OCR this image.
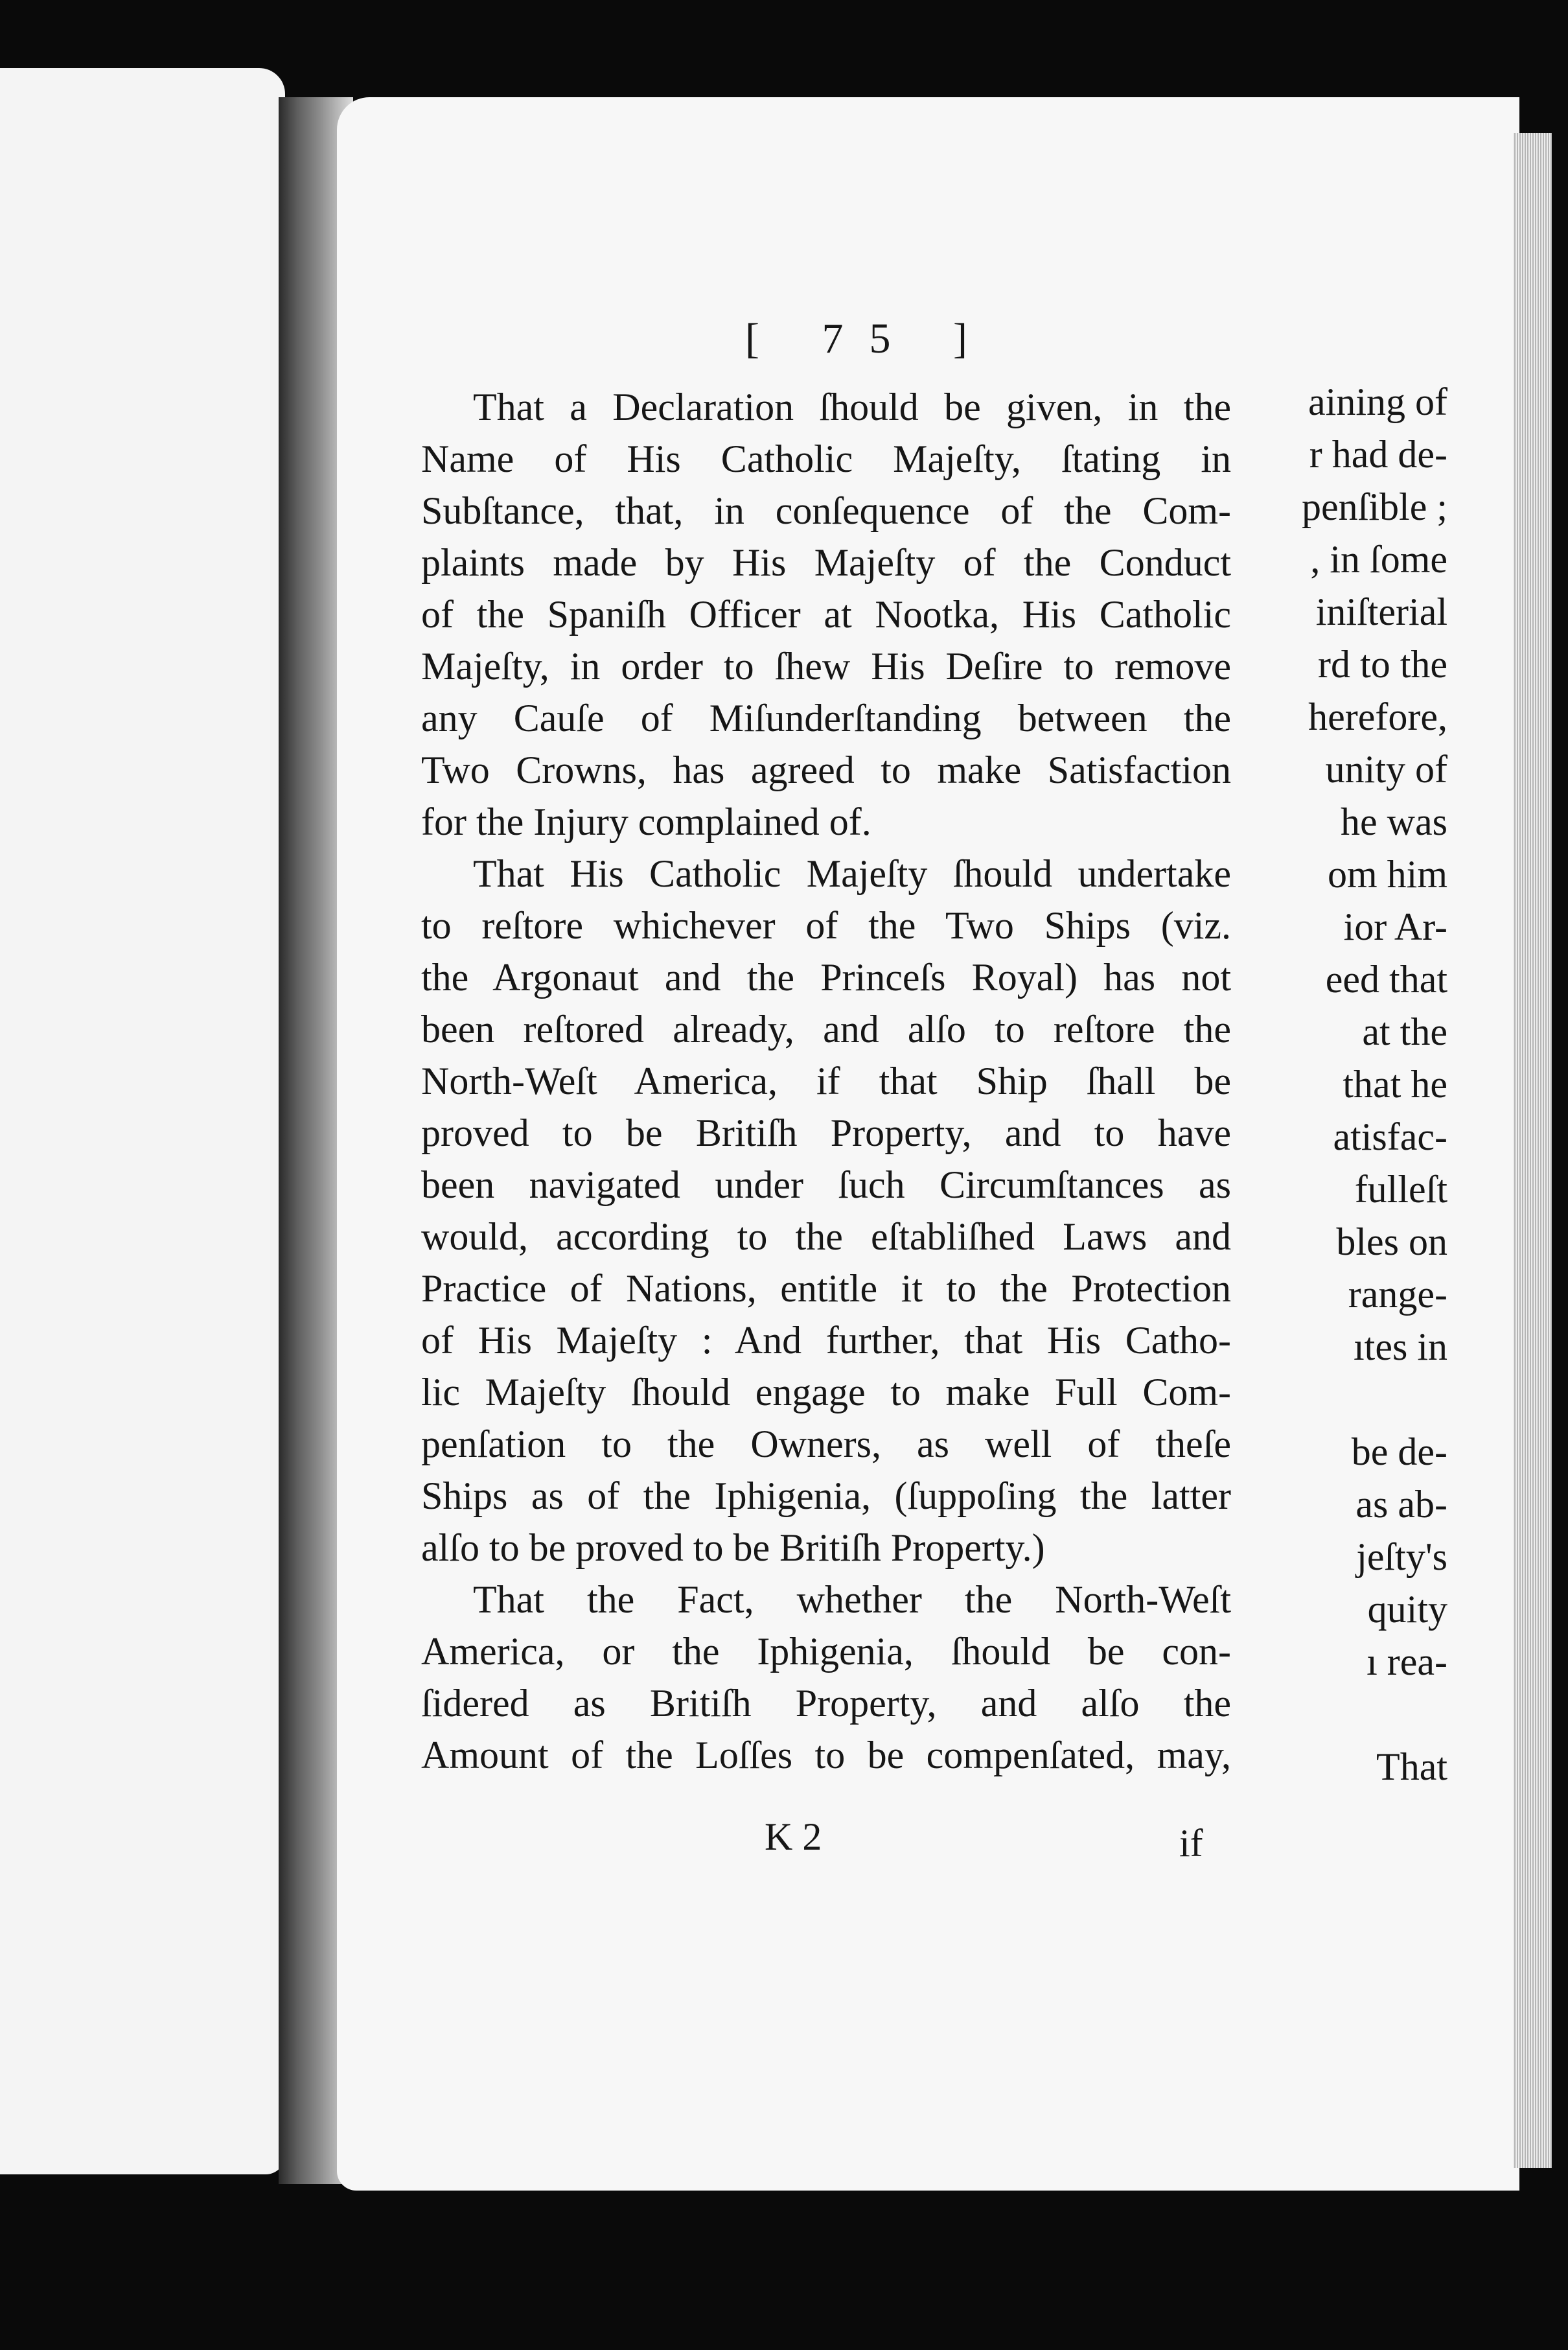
aining of
r had de-
penſible ;
, in ſome
iniſterial
rd to the
herefore,
unity of
he was
om him
ior Ar-
eed that
at the
that he
atisfac-
fulleſt
bles on
range-
ıtes in
be de-
as ab-
jeſty's
quity
ı rea-
That
[ 75 ]
That a Declaration ſhould be given, in the
Name of His Catholic Majeſty, ſtating in
Subſtance, that, in conſequence of the Com-
plaints made by His Majeſty of the Conduct
of the Spaniſh Officer at Nootka, His Catholic
Majeſty, in order to ſhew His Deſire to remove
any Cauſe of Miſunderſtanding between the
Two Crowns, has agreed to make Satisfaction
for the Injury complained of.
That His Catholic Majeſty ſhould undertake
to reſtore whichever of the Two Ships (viz.
the Argonaut and the Princeſs Royal) has not
been reſtored already, and alſo to reſtore the
North-Weſt America, if that Ship ſhall be
proved to be Britiſh Property, and to have
been navigated under ſuch Circumſtances as
would, according to the eſtabliſhed Laws and
Practice of Nations, entitle it to the Protection
of His Majeſty : And further, that His Catho-
lic Majeſty ſhould engage to make Full Com-
penſation to the Owners, as well of theſe
Ships as of the Iphigenia, (ſuppoſing the latter
alſo to be proved to be Britiſh Property.)
That the Fact, whether the North-Weſt
America, or the Iphigenia, ſhould be con-
ſidered as Britiſh Property, and alſo the
Amount of the Loſſes to be compenſated, may,
K 2	if
